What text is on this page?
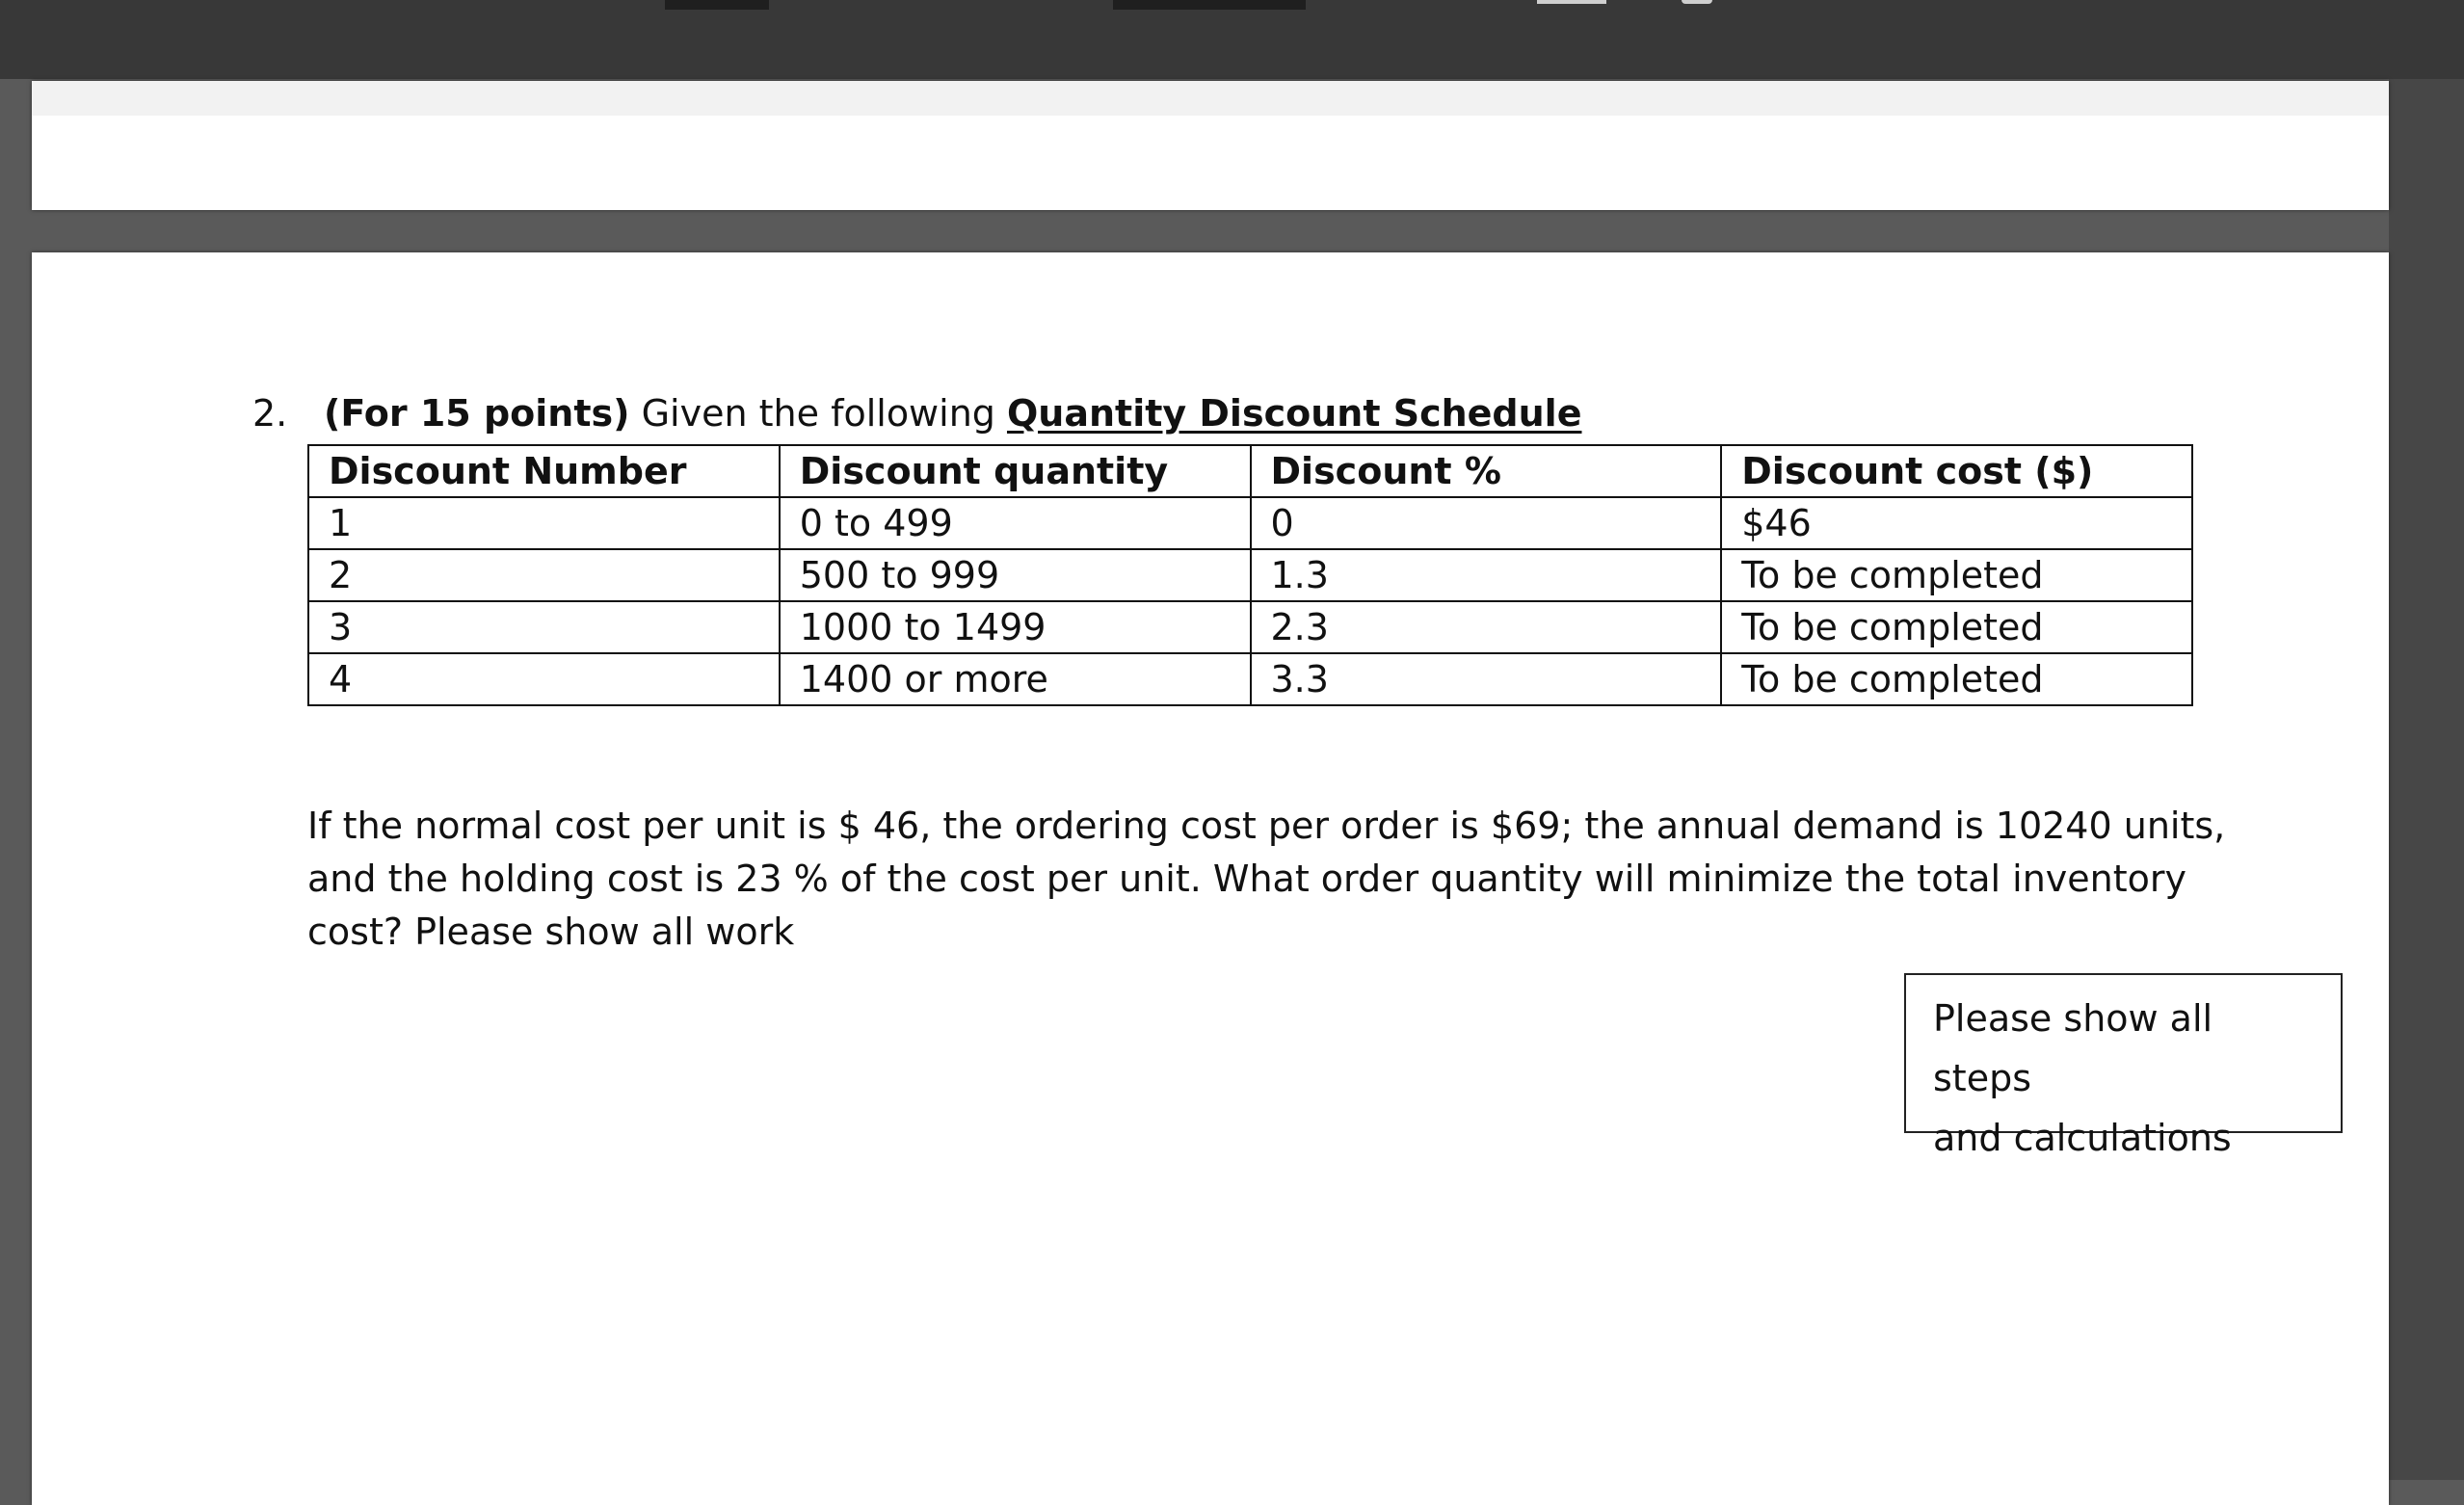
2. (For 15 points) Given the following Quantity Discount Schedule
Discount Number	Discount quantity	Discount %	Discount cost ($)
1	0 to 499	0	$46
2	500 to 999	1.3	To be completed
3	1000 to 1499	2.3	To be completed
4	1400 or more	3.3	To be completed

If the normal cost per unit is $ 46, the ordering cost per order is $69; the annual demand is 10240 units, and the holding cost is 23 % of the cost per unit. What order quantity will minimize the total inventory cost? Please show all work

Please show all steps
and calculations
